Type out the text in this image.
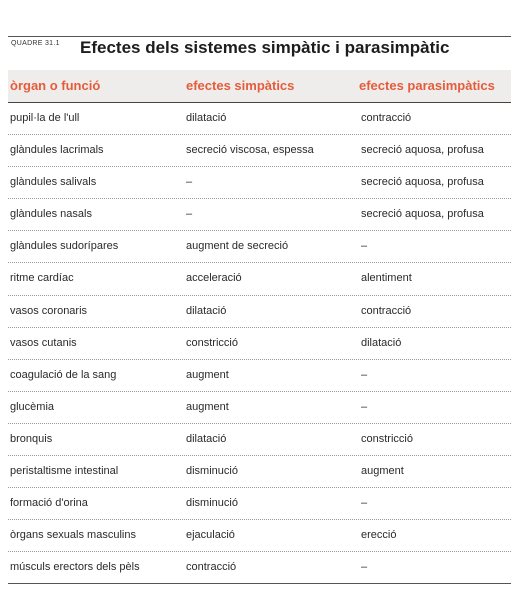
QUADRE 31.1 Efectes dels sistemes simpàtic i parasimpàtic
òrgan o funció	efectes simpàtics	efectes parasimpàtics
pupil·la de l'ull	dilatació	contracció
glàndules lacrimals	secreció viscosa, espessa	secreció aquosa, profusa
glàndules salivals	–	secreció aquosa, profusa
glàndules nasals	–	secreció aquosa, profusa
glàndules sudorípares	augment de secreció	–
ritme cardíac	acceleració	alentiment
vasos coronaris	dilatació	contracció
vasos cutanis	constricció	dilatació
coagulació de la sang	augment	–
glucèmia	augment	–
bronquis	dilatació	constricció
peristaltisme intestinal	disminució	augment
formació d'orina	disminució	–
òrgans sexuals masculins	ejaculació	erecció
músculs erectors dels pèls	contracció	–
